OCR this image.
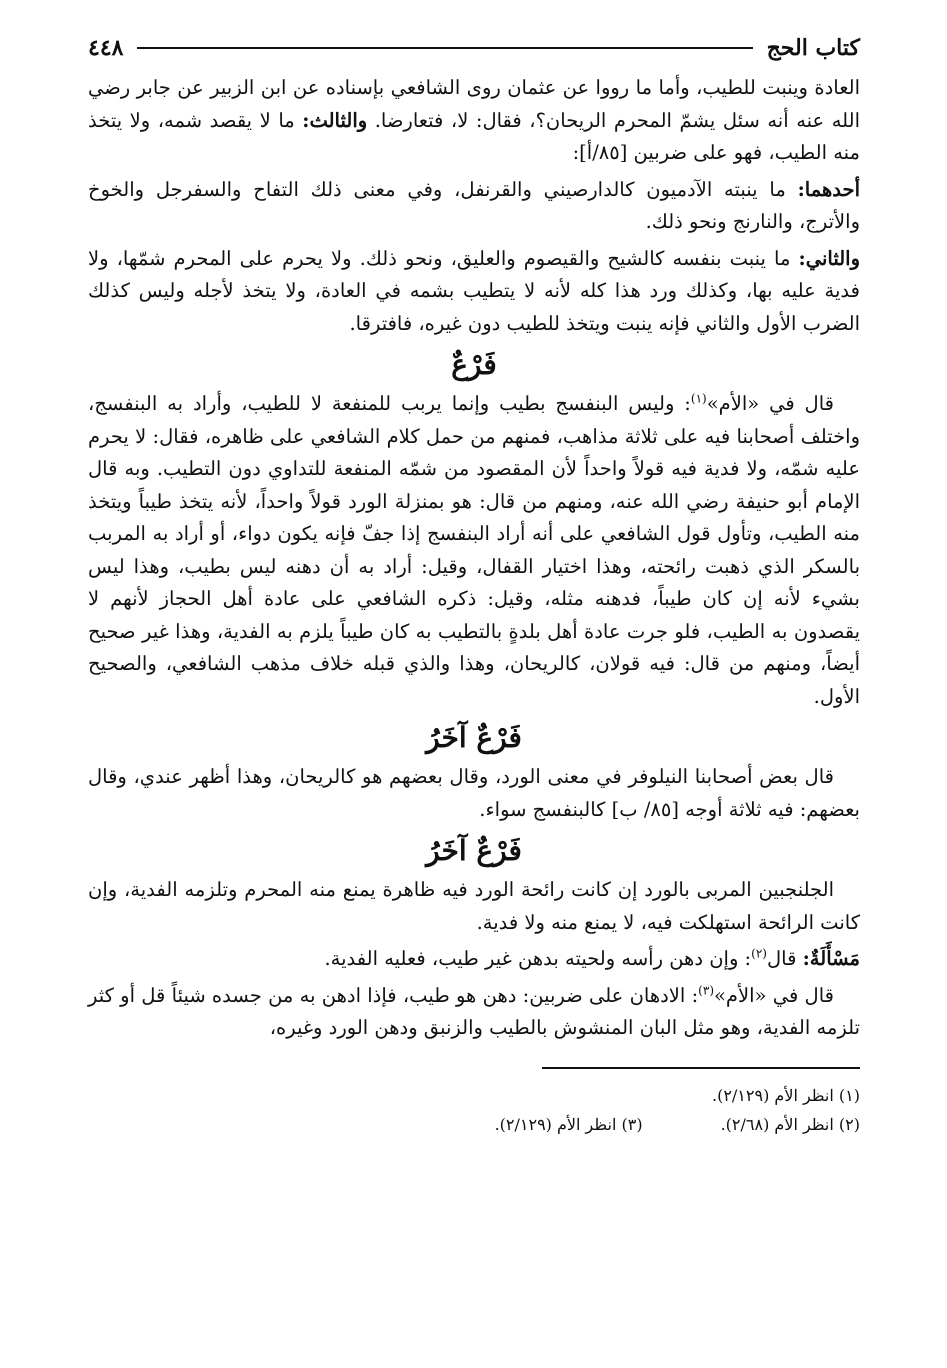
كتاب الحج
٤٤٨

العادة وينبت للطيب، وأما ما رووا عن عثمان روى الشافعي بإسناده عن ابن الزبير عن جابر رضي الله عنه أنه سئل يشمّ المحرم الريحان؟، فقال: لا، فتعارضا. والثالث: ما لا يقصد شمه، ولا يتخذ منه الطيب، فهو على ضربين [٨٥/أ]:

أحدهما: ما ينبته الآدميون كالدارصيني والقرنفل، وفي معنى ذلك التفاح والسفرجل والخوخ والأترج، والنارنج ونحو ذلك.

والثاني: ما ينبت بنفسه كالشيح والقيصوم والعليق، ونحو ذلك. ولا يحرم على المحرم شمّها، ولا فدية عليه بها، وكذلك ورد هذا كله لأنه لا يتطيب بشمه في العادة، ولا يتخذ لأجله وليس كذلك الضرب الأول والثاني فإنه ينبت ويتخذ للطيب دون غيره، فافترقا.

فَرْعٌ

قال في «الأم»$^{(١)}$: وليس البنفسج بطيب وإنما يربب للمنفعة لا للطيب، وأراد به البنفسج، واختلف أصحابنا فيه على ثلاثة مذاهب، فمنهم من حمل كلام الشافعي على ظاهره، فقال: لا يحرم عليه شمّه، ولا فدية فيه قولاً واحداً لأن المقصود من شمّه المنفعة للتداوي دون التطيب. وبه قال الإمام أبو حنيفة رضي الله عنه، ومنهم من قال: هو بمنزلة الورد قولاً واحداً، لأنه يتخذ طيباً ويتخذ منه الطيب، وتأول قول الشافعي على أنه أراد البنفسج إذا جفّ فإنه يكون دواء، أو أراد به المربب بالسكر الذي ذهبت رائحته، وهذا اختيار القفال، وقيل: أراد به أن دهنه ليس بطيب، وهذا ليس بشيء لأنه إن كان طيباً، فدهنه مثله، وقيل: ذكره الشافعي على عادة أهل الحجاز لأنهم لا يقصدون به الطيب، فلو جرت عادة أهل بلدةٍ بالتطيب به كان طيباً يلزم به الفدية، وهذا غير صحيح أيضاً، ومنهم من قال: فيه قولان، كالريحان، وهذا والذي قبله خلاف مذهب الشافعي، والصحيح الأول.

فَرْعٌ آخَرُ

قال بعض أصحابنا النيلوفر في معنى الورد، وقال بعضهم هو كالريحان، وهذا أظهر عندي، وقال بعضهم: فيه ثلاثة أوجه [٨٥/ ب] كالبنفسج سواء.

فَرْعٌ آخَرُ

الجلنجبين المربى بالورد إن كانت رائحة الورد فيه ظاهرة يمنع منه المحرم وتلزمه الفدية، وإن كانت الرائحة استهلكت فيه، لا يمنع منه ولا فدية.

مَسْأَلَةٌ: قال$^{(٢)}$: وإن دهن رأسه ولحيته بدهن غير طيب، فعليه الفدية.

قال في «الأم»$^{(٣)}$: الادهان على ضربين: دهن هو طيب، فإذا ادهن به من جسده شيئاً قل أو كثر تلزمه الفدية، وهو مثل البان المنشوش بالطيب والزنبق ودهن الورد وغيره،

(١) انظر الأم (٢/١٢٩).
(٢) انظر الأم (٢/٦٨).
(٣) انظر الأم (٢/١٢٩).
